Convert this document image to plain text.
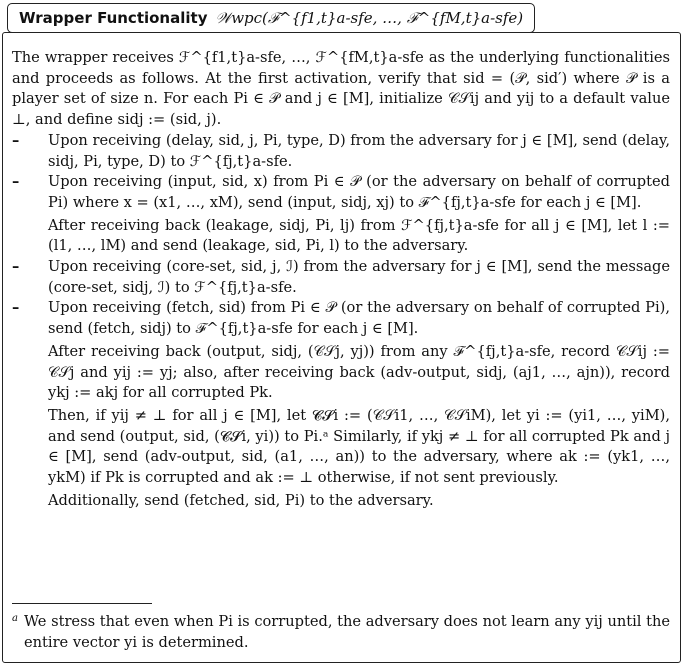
Wrapper Functionality 𝒲wpc(ℱ^{f1,t}a-sfe, …, ℱ^{fM,t}a-sfe)

The wrapper receives ℱ^{f1,t}a-sfe, …, ℱ^{fM,t}a-sfe as the underlying functionalities and proceeds as follows. At the first activation, verify that sid = (𝒫, sid′) where 𝒫 is a player set of size n. For each Pi ∈ 𝒫 and j ∈ [M], initialize 𝒞𝒮ij and yij to a default value ⊥, and define sidj := (sid, j).

– Upon receiving (delay, sid, j, Pi, type, D) from the adversary for j ∈ [M], send (delay, sidj, Pi, type, D) to ℱ^{fj,t}a-sfe.

– Upon receiving (input, sid, x) from Pi ∈ 𝒫 (or the adversary on behalf of corrupted Pi) where x = (x1, …, xM), send (input, sidj, xj) to ℱ^{fj,t}a-sfe for each j ∈ [M].

After receiving back (leakage, sidj, Pi, lj) from ℱ^{fj,t}a-sfe for all j ∈ [M], let l := (l1, …, lM) and send (leakage, sid, Pi, l) to the adversary.

– Upon receiving (core-set, sid, j, ℐ) from the adversary for j ∈ [M], send the message (core-set, sidj, ℐ) to ℱ^{fj,t}a-sfe.

– Upon receiving (fetch, sid) from Pi ∈ 𝒫 (or the adversary on behalf of corrupted Pi), send (fetch, sidj) to ℱ^{fj,t}a-sfe for each j ∈ [M].

After receiving back (output, sidj, (𝒞𝒮j, yj)) from any ℱ^{fj,t}a-sfe, record 𝒞𝒮ij := 𝒞𝒮j and yij := yj; also, after receiving back (adv-output, sidj, (aj1, …, ajn)), record ykj := akj for all corrupted Pk.

Then, if yij ≠ ⊥ for all j ∈ [M], let 𝓒𝓢i := (𝒞𝒮i1, …, 𝒞𝒮iM), let yi := (yi1, …, yiM), and send (output, sid, (𝓒𝓢i, yi)) to Pi.ᵃ Similarly, if ykj ≠ ⊥ for all corrupted Pk and j ∈ [M], send (adv-output, sid, (a1, …, an)) to the adversary, where ak := (yk1, …, ykM) if Pk is corrupted and ak := ⊥ otherwise, if not sent previously.

Additionally, send (fetched, sid, Pi) to the adversary.

a We stress that even when Pi is corrupted, the adversary does not learn any yij until the entire vector yi is determined.
